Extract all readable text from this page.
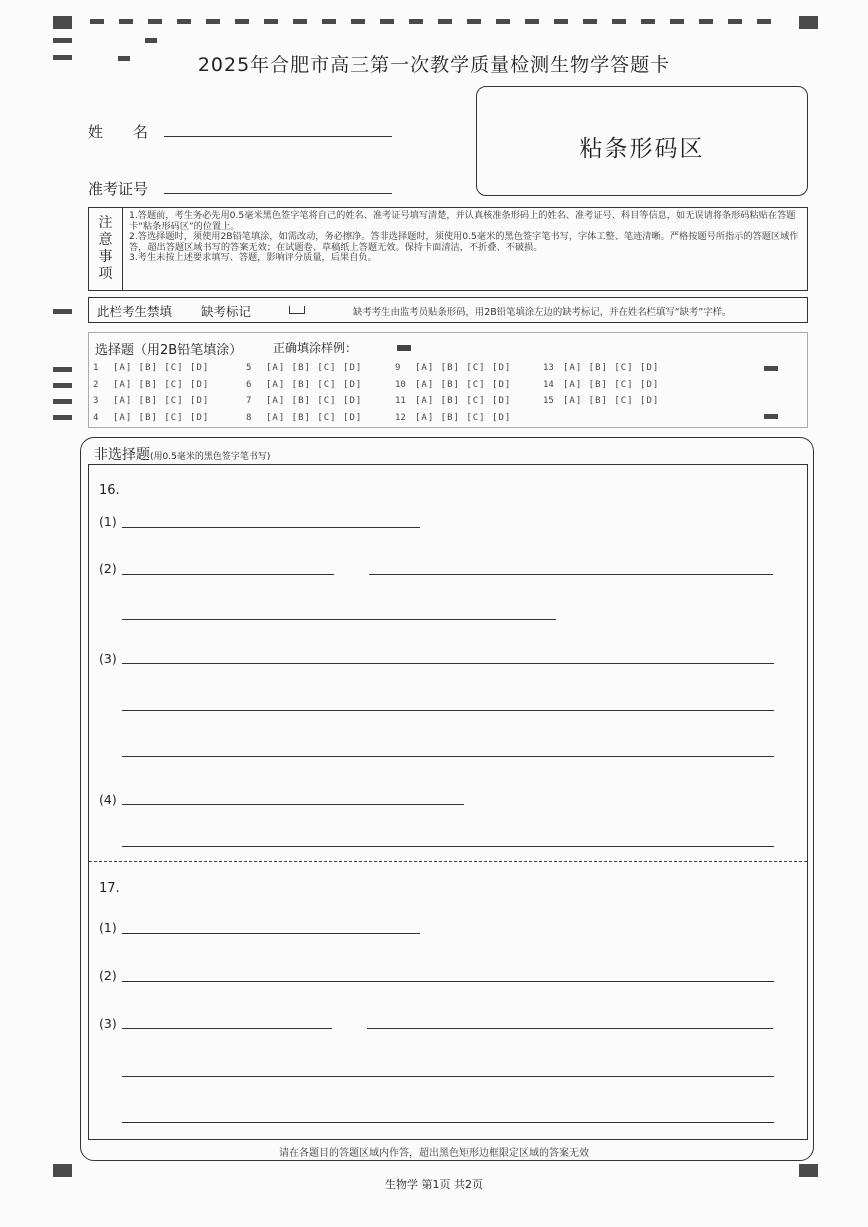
2025年合肥市高三第一次教学质量检测生物学答题卡
姓　　名
准考证号
粘条形码区
注
意
事
项
1.答题前，考生务必先用0.5毫米黑色签字笔将自己的姓名、准考证号填写清楚，并认真核准条形码上的姓名、准考证号、科目等信息，如无误请将条形码粘贴在答题卡“粘条形码区”的位置上。
2.答选择题时，须使用2B铅笔填涂，如需改动，务必擦净。答非选择题时，须使用0.5毫米的黑色签字笔书写，字体工整、笔迹清晰。严格按题号所指示的答题区域作答，超出答题区域书写的答案无效；在试题卷、草稿纸上答题无效。保持卡面清洁，不折叠、不破损。
3.考生未按上述要求填写、答题，影响评分质量，后果自负。
此栏考生禁填 缺考标记	缺考考生由监考员贴条形码，用2B铅笔填涂左边的缺考标记，并在姓名栏填写“缺考”字样。
选择题（用2B铅笔填涂）	正确填涂样例：
1 [A] [B] [C] [D]
2 [A] [B] [C] [D]
3 [A] [B] [C] [D]
4 [A] [B] [C] [D]
5 [A] [B] [C] [D]
6 [A] [B] [C] [D]
7 [A] [B] [C] [D]
8 [A] [B] [C] [D]
9 [A] [B] [C] [D]
10 [A] [B] [C] [D]
11 [A] [B] [C] [D]
12 [A] [B] [C] [D]
13 [A] [B] [C] [D]
14 [A] [B] [C] [D]
15 [A] [B] [C] [D]
非选择题(用0.5毫米的黑色签字笔书写)
16.
(1)
(2)
(3)
(4)
17.
(1)
(2)
(3)
请在各题目的答题区域内作答，超出黑色矩形边框限定区域的答案无效
生物学 第1页 共2页
